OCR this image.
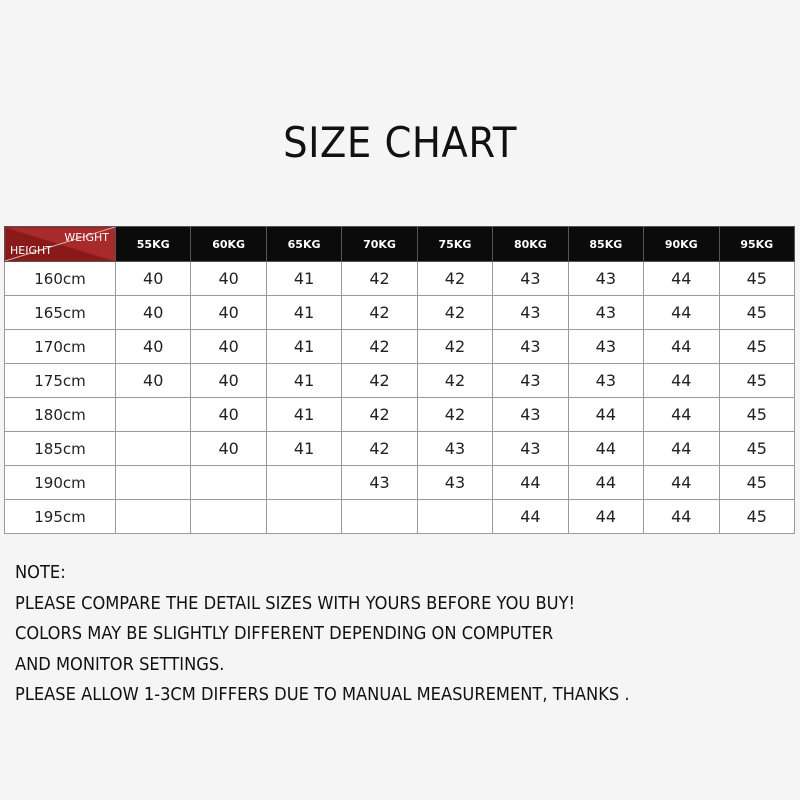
SIZE CHART
WEIGHT
HEIGHT	55KG	60KG	65KG	70KG	75KG	80KG	85KG	90KG	95KG
160cm	40	40	41	42	42	43	43	44	45
165cm	40	40	41	42	42	43	43	44	45
170cm	40	40	41	42	42	43	43	44	45
175cm	40	40	41	42	42	43	43	44	45
180cm		40	41	42	42	43	44	44	45
185cm		40	41	42	43	43	44	44	45
190cm				43	43	44	44	44	45
195cm						44	44	44	45
NOTE:
PLEASE COMPARE THE DETAIL SIZES WITH YOURS BEFORE YOU BUY!
COLORS MAY BE SLIGHTLY DIFFERENT DEPENDING ON COMPUTER
AND MONITOR SETTINGS.
PLEASE ALLOW 1-3CM DIFFERS DUE TO MANUAL MEASUREMENT, THANKS .
